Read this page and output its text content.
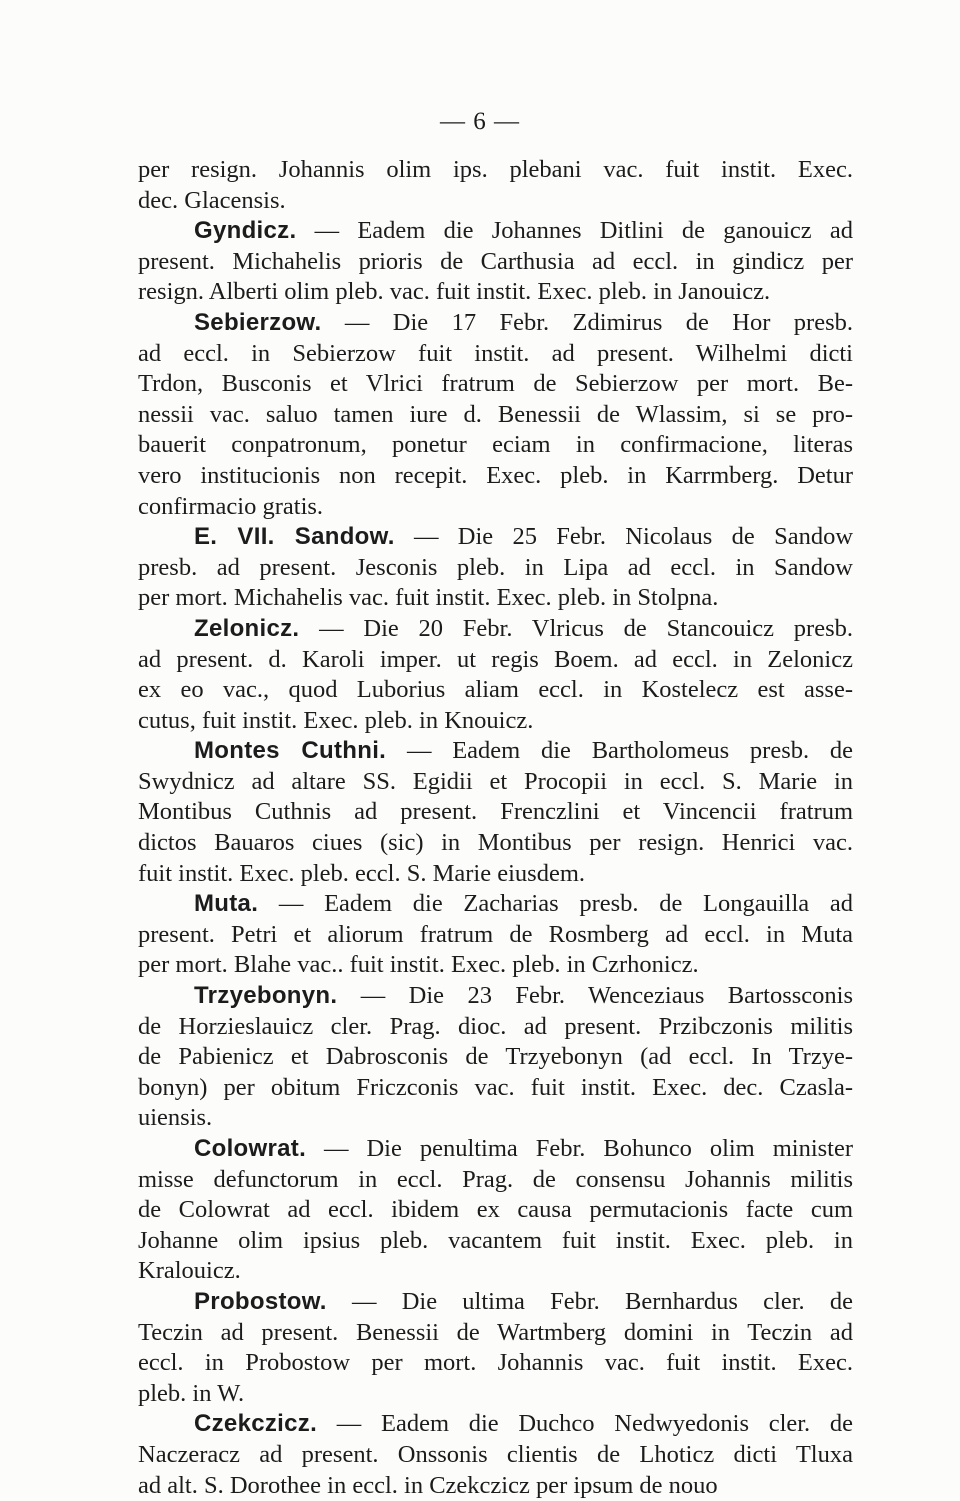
— 6 —
per resign. Johannis olim ips. plebani vac. fuit instit. Exec.
dec. Glacensis.
Gyndicz. — Eadem die Johannes Ditlini de ganouicz ad
present. Michahelis prioris de Carthusia ad eccl. in gindicz per
resign. Alberti olim pleb. vac. fuit instit. Exec. pleb. in Janouicz.
Sebierzow. — Die 17 Febr. Zdimirus de Hor presb.
ad eccl. in Sebierzow fuit instit. ad present. Wilhelmi dicti
Trdon, Busconis et Vlrici fratrum de Sebierzow per mort. Be-
nessii vac. saluo tamen iure d. Benessii de Wlassim, si se pro-
bauerit conpatronum, ponetur eciam in confirmacione, literas
vero institucionis non recepit. Exec. pleb. in Karrmberg. Detur
confirmacio gratis.
E. VII. Sandow. — Die 25 Febr. Nicolaus de Sandow
presb. ad present. Jesconis pleb. in Lipa ad eccl. in Sandow
per mort. Michahelis vac. fuit instit. Exec. pleb. in Stolpna.
Zelonicz. — Die 20 Febr. Vlricus de Stancouicz presb.
ad present. d. Karoli imper. ut regis Boem. ad eccl. in Zelonicz
ex eo vac., quod Luborius aliam eccl. in Kostelecz est asse-
cutus, fuit instit. Exec. pleb. in Knouicz.
Montes Cuthni. — Eadem die Bartholomeus presb. de
Swydnicz ad altare SS. Egidii et Procopii in eccl. S. Marie in
Montibus Cuthnis ad present. Frenczlini et Vincencii fratrum
dictos Bauaros ciues (sic) in Montibus per resign. Henrici vac.
fuit instit. Exec. pleb. eccl. S. Marie eiusdem.
Muta. — Eadem die Zacharias presb. de Longauilla ad
present. Petri et aliorum fratrum de Rosmberg ad eccl. in Muta
per mort. Blahe vac.. fuit instit. Exec. pleb. in Czrhonicz.
Trzyebonyn. — Die 23 Febr. Wenceziaus Bartossconis
de Horzieslauicz cler. Prag. dioc. ad present. Przibczonis militis
de Pabienicz et Dabrosconis de Trzyebonyn (ad eccl. In Trzye-
bonyn) per obitum Friczconis vac. fuit instit. Exec. dec. Czasla-
uiensis.
Colowrat. — Die penultima Febr. Bohunco olim minister
misse defunctorum in eccl. Prag. de consensu Johannis militis
de Colowrat ad eccl. ibidem ex causa permutacionis facte cum
Johanne olim ipsius pleb. vacantem fuit instit. Exec. pleb. in
Kralouicz.
Probostow. — Die ultima Febr. Bernhardus cler. de
Teczin ad present. Benessii de Wartmberg domini in Teczin ad
eccl. in Probostow per mort. Johannis vac. fuit instit. Exec.
pleb. in W.
Czekczicz. — Eadem die Duchco Nedwyedonis cler. de
Naczeracz ad present. Onssonis clientis de Lhoticz dicti Tluxa
ad alt. S. Dorothee in eccl. in Czekczicz per ipsum de nouo
